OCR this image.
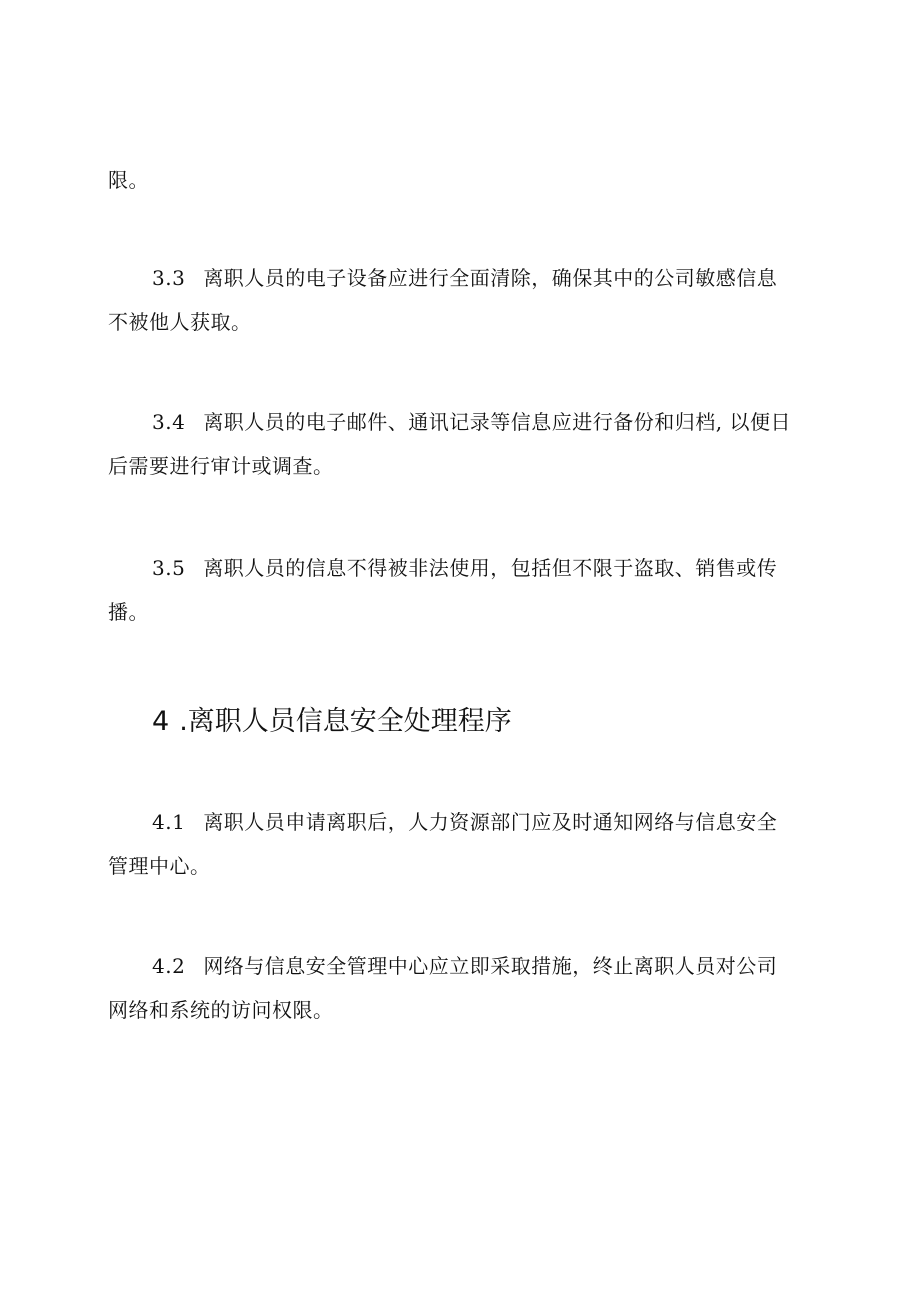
限。

3.3 离职人员的电子设备应进行全面清除，确保其中的公司敏感信息
不被他人获取。

3.4 离职人员的电子邮件、通讯记录等信息应进行备份和归档, 以便日
后需要进行审计或调查。

3.5 离职人员的信息不得被非法使用，包括但不限于盗取、销售或传
播。

4 .离职人员信息安全处理程序

4.1 离职人员申请离职后，人力资源部门应及时通知网络与信息安全
管理中心。

4.2 网络与信息安全管理中心应立即采取措施，终止离职人员对公司
网络和系统的访问权限。
